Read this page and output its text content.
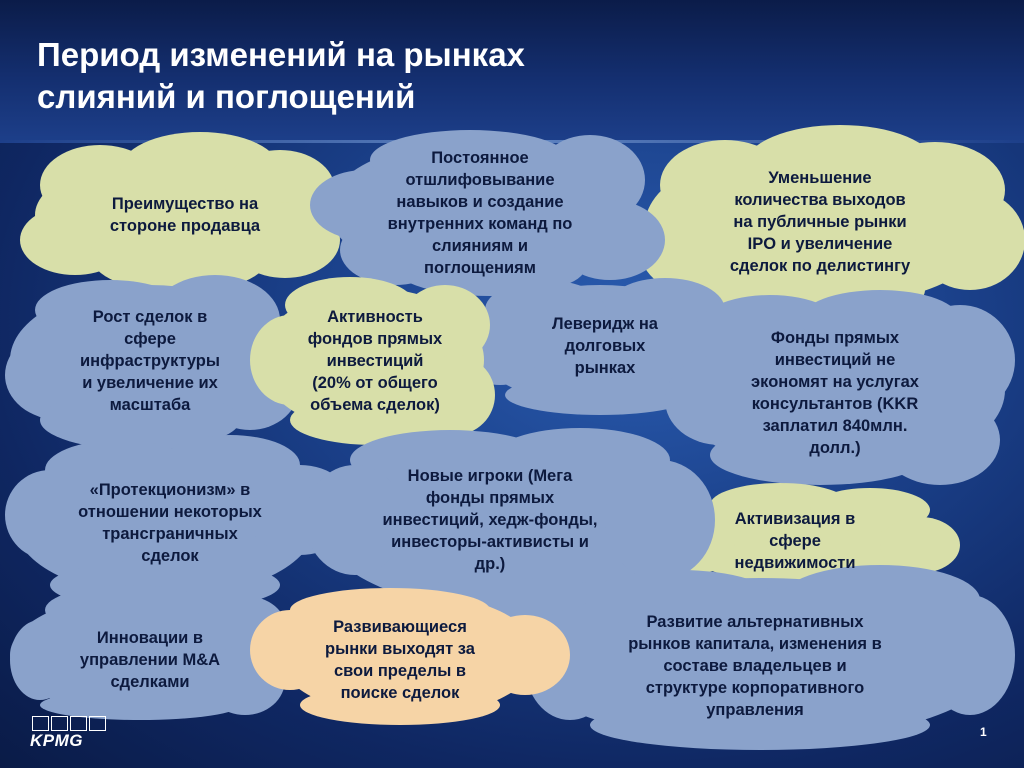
Период изменений на рынках
слияний и поглощений
Преимущество на
стороне продавца
Постоянное
отшлифовывание
навыков и создание
внутренних команд по
слияниям и
поглощениям
Уменьшение
количества выходов
на публичные рынки
IPO и увеличение
сделок по делистингу
Рост сделок в
сфере
инфраструктуры
и увеличение их
масштаба
Активность
фондов прямых
инвестиций
(20% от общего
объема сделок)
Леверидж на
долговых
рынках
Фонды прямых
инвестиций не
экономят на услугах
консультантов (KKR
заплатил 840млн.
долл.)
«Протекционизм» в
отношении некоторых
трансграничных
сделок
Новые игроки (Мега
фонды прямых
инвестиций, хедж-фонды,
инвесторы-активисты и
др.)
Активизация в
сфере
недвижимости
Инновации в
управлении M&A
сделками
Развивающиеся
рынки выходят за
свои пределы в
поиске сделок
Развитие альтернативных
рынков капитала, изменения в
составе владельцев и
структуре корпоративного
управления
KPMG	1
